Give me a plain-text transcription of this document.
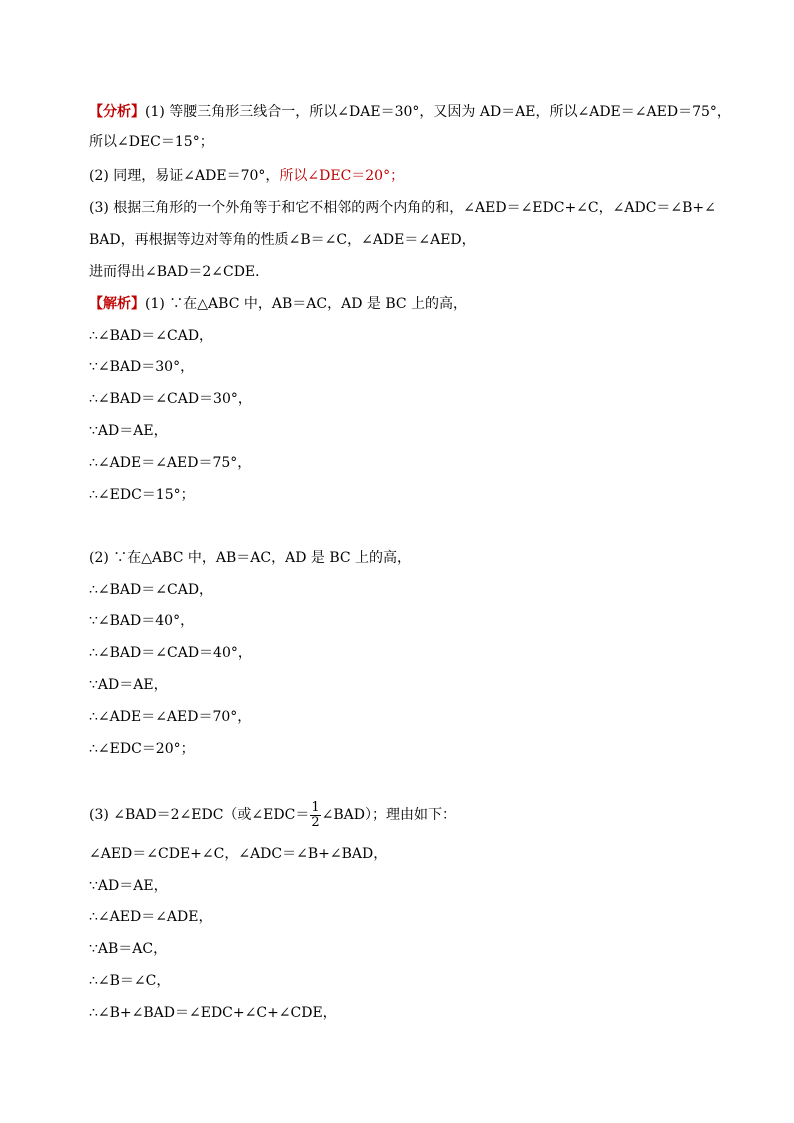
【分析】(1) 等腰三角形三线合一，所以∠DAE＝30°，又因为 AD＝AE，所以∠ADE＝∠AED＝75°，
所以∠DEC＝15°；
(2) 同理，易证∠ADE＝70°，所以∠DEC＝20°；
(3) 根据三角形的一个外角等于和它不相邻的两个内角的和，∠AED＝∠EDC+∠C，∠ADC＝∠B+∠
BAD，再根据等边对等角的性质∠B＝∠C，∠ADE＝∠AED，
进而得出∠BAD＝2∠CDE．
【解析】(1) ∵在△ABC 中，AB＝AC，AD 是 BC 上的高，
∴∠BAD＝∠CAD，
∵∠BAD＝30°，
∴∠BAD＝∠CAD＝30°，
∵AD＝AE，
∴∠ADE＝∠AED＝75°，
∴∠EDC＝15°；
(2) ∵在△ABC 中，AB＝AC，AD 是 BC 上的高，
∴∠BAD＝∠CAD，
∵∠BAD＝40°，
∴∠BAD＝∠CAD＝40°，
∵AD＝AE，
∴∠ADE＝∠AED＝70°，
∴∠EDC＝20°；
(3) ∠BAD＝2∠EDC（或∠EDC＝ $\frac{1}{2}$ ∠BAD）；理由如下：
∠AED＝∠CDE+∠C，∠ADC＝∠B+∠BAD，
∵AD＝AE，
∴∠AED＝∠ADE，
∵AB＝AC，
∴∠B＝∠C，
∴∠B+∠BAD＝∠EDC+∠C+∠CDE，
